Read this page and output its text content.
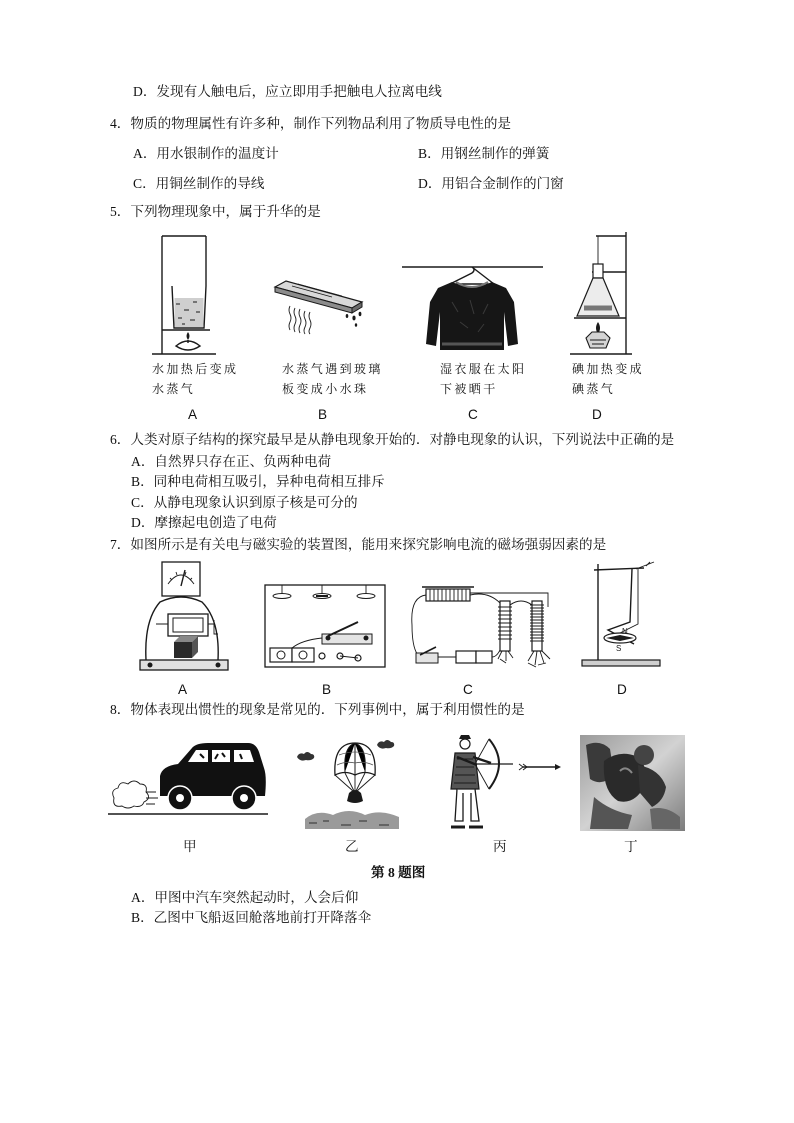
D．发现有人触电后，应立即用手把触电人拉离电线
4．物质的物理属性有许多种，制作下列物品利用了物质导电性的是
A．用水银制作的温度计	B．用钢丝制作的弹簧
C．用铜丝制作的导线	D．用铝合金制作的门窗
5．下列物理现象中，属于升华的是
水加热后变成
水蒸气
A
水蒸气遇到玻璃
板变成小水珠
B
湿衣服在太阳
下被晒干
C
碘加热变成
碘蒸气
D
6．人类对原子结构的探究最早是从静电现象开始的．对静电现象的认识，下列说法中正确的是
A．自然界只存在正、负两种电荷
B．同种电荷相互吸引，异种电荷相互排斥
C．从静电现象认识到原子核是可分的
D．摩擦起电创造了电荷
7．如图所示是有关电与磁实验的装置图，能用来探究影响电流的磁场强弱因素的是
A	B	C
N
S
D
8．物体表现出惯性的现象是常见的．下列事例中，属于利用惯性的是
甲	乙	丙	丁
第 8 题图
A．甲图中汽车突然起动时，人会后仰
B．乙图中飞船返回舱落地前打开降落伞
